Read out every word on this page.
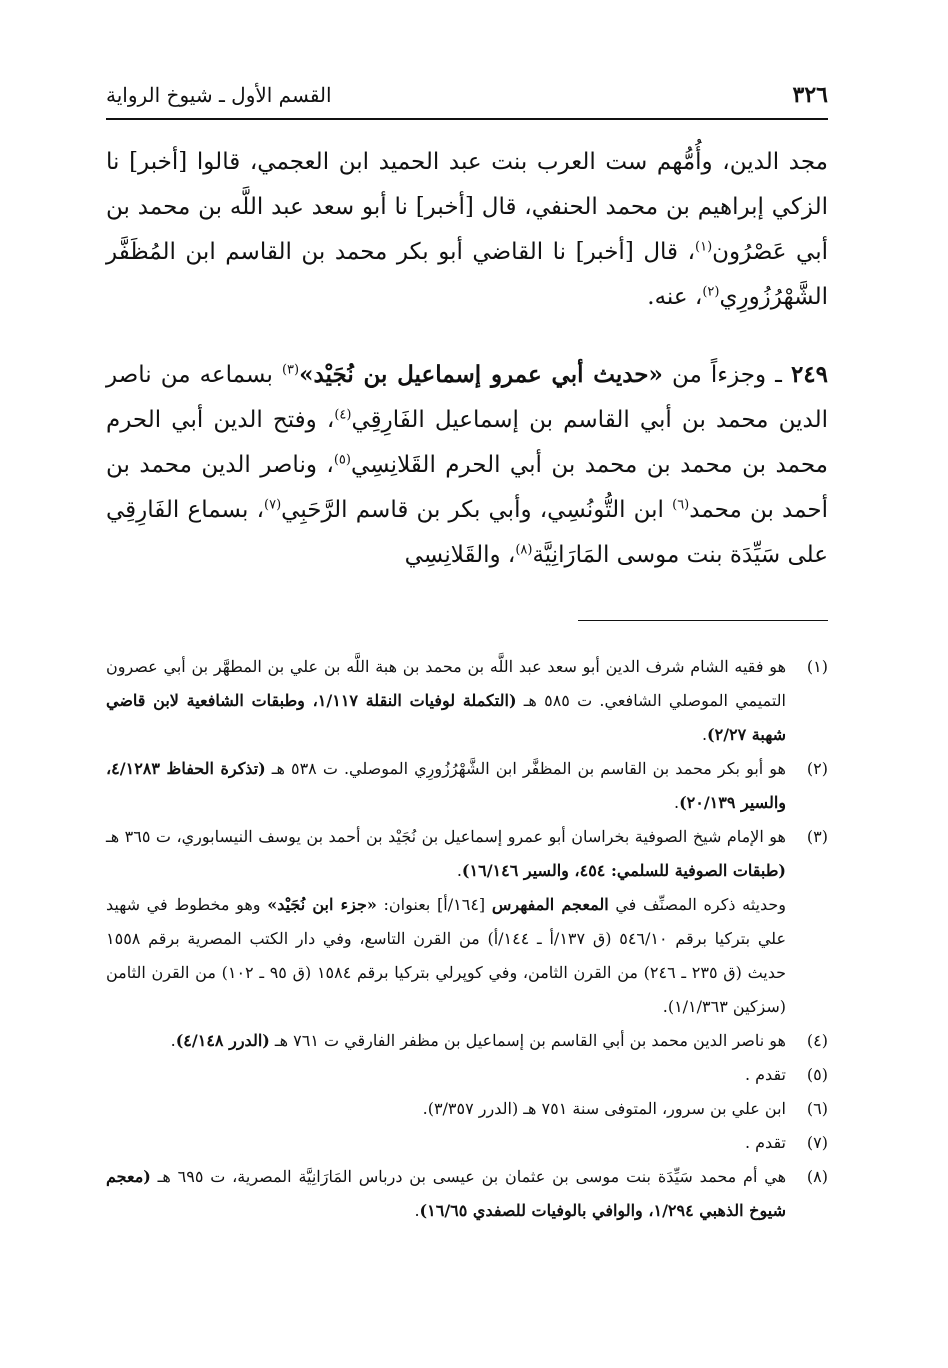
٣٢٦
القسم الأول ـ شيوخ الرواية

مجد الدين، وأُمُّهم ست العرب بنت عبد الحميد ابن العجمي، قالوا [أخبر] نا الزكي إبراهيم بن محمد الحنفي، قال [أخبر] نا أبو سعد عبد اللَّه بن محمد بن أبي عَصْرُون$^{(١)}$، قال [أخبر] نا القاضي أبو بكر محمد بن القاسم ابن المُظَفَّر الشَّهْرُزُورِي$^{(٢)}$، عنه.

٢٤٩ ـ وجزءاً من «حديث أبي عمرو إسماعيل بن نُجَيْد»$^{(٣)}$ بسماعه من ناصر الدين محمد بن أبي القاسم بن إسماعيل الفَارِقِي$^{(٤)}$، وفتح الدين أبي الحرم محمد بن محمد بن محمد بن أبي الحرم القَلانِسِي$^{(٥)}$، وناصر الدين محمد بن أحمد بن محمد$^{(٦)}$ ابن التُّونُسِي، وأبي بكر بن قاسم الرَّحَبِي$^{(٧)}$، بسماع الفَارِقِي على سَيِّدَة بنت موسى المَارَانِيَّة$^{(٨)}$، والقَلانِسِي

(١)
هو فقيه الشام شرف الدين أبو سعد عبد اللَّه بن محمد بن هبة اللَّه بن علي بن المطهَّر بن أبي عصرون التميمي الموصلي الشافعي. ت ٥٨٥ هـ (التكملة لوفيات النقلة ١/١١٧، وطبقات الشافعية لابن قاضي شهبة ٢/٢٧).

(٢)
هو أبو بكر محمد بن القاسم بن المظفَّر ابن الشَّهْرُزُورِي الموصلي. ت ٥٣٨ هـ (تذكرة الحفاظ ٤/١٢٨٣، والسير ٢٠/١٣٩).

(٣)
هو الإمام شيخ الصوفية بخراسان أبو عمرو إسماعيل بن نُجَيْد بن أحمد بن يوسف النيسابوري، ت ٣٦٥ هـ (طبقات الصوفية للسلمي: ٤٥٤، والسير ١٦/١٤٦).
وحديثه ذكره المصنِّف في المعجم المفهرس [١٦٤/أ] بعنوان: «جزء ابن نُجَيْد» وهو مخطوط في شهيد علي بتركيا برقم ٥٤٦/١٠ (ق ١٣٧/أ ـ ١٤٤/أ) من القرن التاسع، وفي دار الكتب المصرية برقم ١٥٥٨ حديث (ق ٢٣٥ ـ ٢٤٦) من القرن الثامن، وفي كوپرلي بتركيا برقم ١٥٨٤ (ق ٩٥ ـ ١٠٢) من القرن الثامن (سزكين ١/١/٣٦٣).

(٤)
هو ناصر الدين محمد بن أبي القاسم بن إسماعيل بن مظفر الفارقي ت ٧٦١ هـ (الدرر ٤/١٤٨).

(٥)
تقدم .

(٦)
ابن علي بن سرور، المتوفى سنة ٧٥١ هـ (الدرر ٣/٣٥٧).

(٧)
تقدم .

(٨)
هي أم محمد سَيِّدَة بنت موسى بن عثمان بن عيسى بن درباس المَارَانِيَّة المصرية، ت ٦٩٥ هـ (معجم شيوخ الذهبي ١/٢٩٤، والوافي بالوفيات للصفدي ١٦/٦٥).
